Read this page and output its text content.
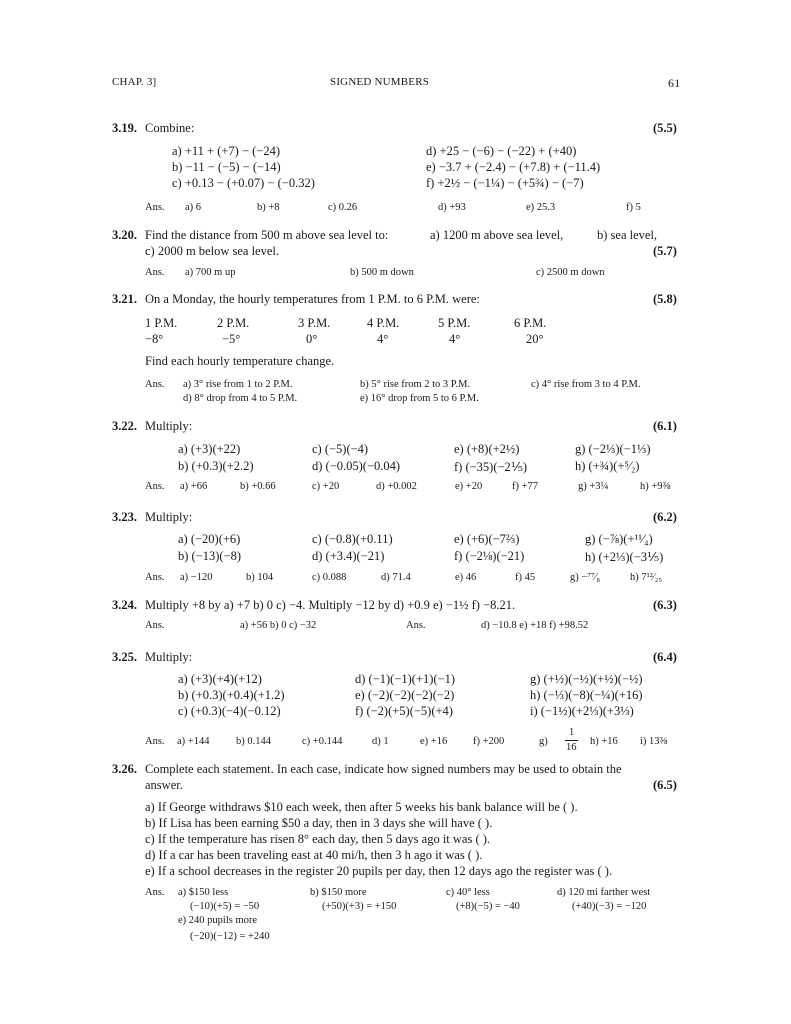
CHAP. 3]	SIGNED NUMBERS	61
3.19. Combine:	(5.5)
a) +11 + (+7) − (−24)
b) −11 − (−5) − (−14)
c) +0.13 − (+0.07) − (−0.32)
d) +25 − (−6) − (−22) + (+40)
e) −3.7 + (−2.4) − (+7.8) + (−11.4)
f) +2½ − (−1¼) − (+5¾) − (−7)
Ans. a) 6	b) +8	c) 0.26	d) +93	e) 25.3	f) 5
3.20. Find the distance from 500 m above sea level to:	a) 1200 m above sea level,	b) sea level,
c) 2000 m below sea level.	(5.7)
Ans. a) 700 m up	b) 500 m down	c) 2500 m down
3.21. On a Monday, the hourly temperatures from 1 P.M. to 6 P.M. were:	(5.8)
1 P.M.	2 P.M.	3 P.M.	4 P.M.	5 P.M.	6 P.M.
−8°	−5°	0°	4°	4°	20°
Find each hourly temperature change.
Ans. a) 3° rise from 1 to 2 P.M.	b) 5° rise from 2 to 3 P.M.	c) 4° rise from 3 to 4 P.M.
d) 8° drop from 4 to 5 P.M.	e) 16° drop from 5 to 6 P.M.
3.22. Multiply:	(6.1)
a) (+3)(+22)
b) (+0.3)(+2.2)
c) (−5)(−4)
d) (−0.05)(−0.04)
e) (+8)(+2½)
f) (−35)(−2⅕)
g) (−2⅓)(−1⅓)
h) (+¾)(+⁵⁄₂)
Ans. a) +66	b) +0.66	c) +20	d) +0.002	e) +20	f) +77	g) +3¼	h) +9⅜
3.23. Multiply:	(6.2)
a) (−20)(+6)
b) (−13)(−8)
c) (−0.8)(+0.11)
d) (+3.4)(−21)
e) (+6)(−7⅔)
f) (−2⅛)(−21)
g) (−⅞)(+¹¹⁄₄)
h) (+2⅓)(−3⅕)
Ans. a) −120	b) 104	c) 0.088	d) 71.4	e) 46	f) 45	g) −⁷⁷⁄₈	h) 7¹²⁄₂₅
3.24. Multiply +8 by a) +7 b) 0 c) −4. Multiply −12 by d) +0.9 e) −1½ f) −8.21.	(6.3)
Ans.	a) +56 b) 0 c) −32	Ans.	d) −10.8 e) +18 f) +98.52
3.25. Multiply:	(6.4)
a) (+3)(+4)(+12)
b) (+0.3)(+0.4)(+1.2)
c) (+0.3)(−4)(−0.12)
d) (−1)(−1)(+1)(−1)
e) (−2)(−2)(−2)(−2)
f) (−2)(+5)(−5)(+4)
g) (+½)(−½)(+½)(−½)
h) (−⅓)(−8)(−¼)(+16)
i) (−1½)(+2⅓)(+3⅓)
Ans. a) +144	b) 0.144	c) +0.144	d) 1	e) +16 f) +200	g)
1
16
h) +16 i) 13⅜
3.26. Complete each statement. In each case, indicate how signed numbers may be used to obtain the
answer.	(6.5)
a) If George withdraws $10 each week, then after 5 weeks his bank balance will be ( ).
b) If Lisa has been earning $50 a day, then in 3 days she will have ( ).
c) If the temperature has risen 8° each day, then 5 days ago it was ( ).
d) If a car has been traveling east at 40 mi/h, then 3 h ago it was ( ).
e) If a school decreases in the register 20 pupils per day, then 12 days ago the register was ( ).
Ans. a) $150 less
(−10)(+5) = −50
b) $150 more
(+50)(+3) = +150
c) 40° less
(+8)(−5) = −40
d) 120 mi farther west
(+40)(−3) = −120
e) 240 pupils more
(−20)(−12) = +240
